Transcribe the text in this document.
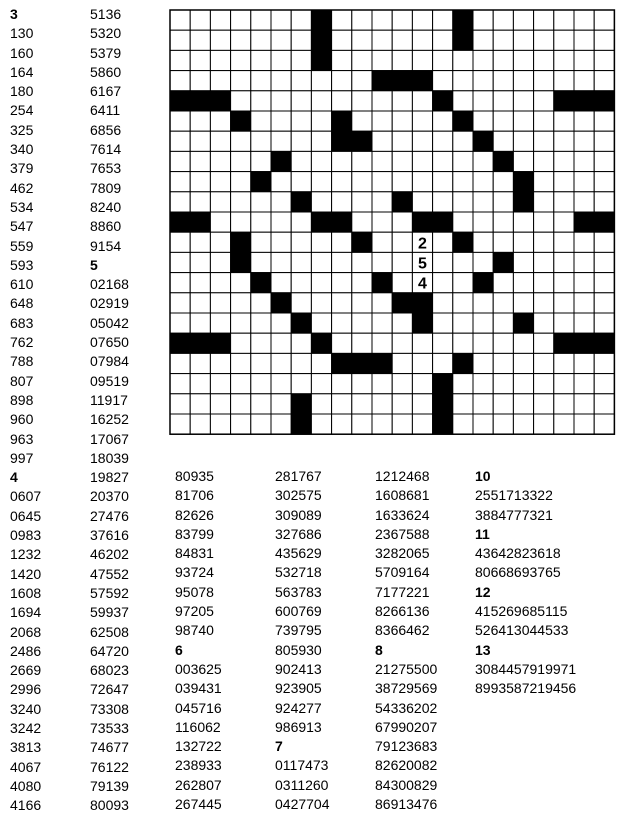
2
5
4
3
130
160
164
180
254
325
340
379
462
534
547
559
593
610
648
683
762
788
807
898
960
963
997
4
0607
0645
0983
1232
1420
1608
1694
2068
2486
2669
2996
3240
3242
3813
4067
4080
4166
5136
5320
5379
5860
6167
6411
6856
7614
7653
7809
8240
8860
9154
5
02168
02919
05042
07650
07984
09519
11917
16252
17067
18039
19827
20370
27476
37616
46202
47552
57592
59937
62508
64720
68023
72647
73308
73533
74677
76122
79139
80093
80935
81706
82626
83799
84831
93724
95078
97205
98740
6
003625
039431
045716
116062
132722
238933
262807
267445
281767
302575
309089
327686
435629
532718
563783
600769
739795
805930
902413
923905
924277
986913
7
0117473
0311260
0427704
1212468
1608681
1633624
2367588
3282065
5709164
7177221
8266136
8366462
8
21275500
38729569
54336202
67990207
79123683
82620082
84300829
86913476
10
2551713322
3884777321
11
43642823618
80668693765
12
415269685115
526413044533
13
3084457919971
8993587219456
